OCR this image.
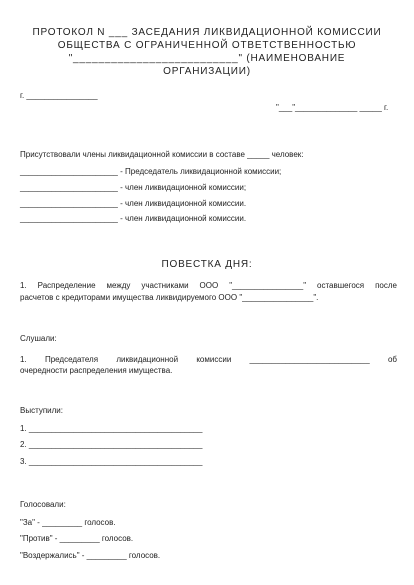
ПРОТОКОЛ N ___ ЗАСЕДАНИЯ ЛИКВИДАЦИОННОЙ КОМИССИИ
ОБЩЕСТВА С ОГРАНИЧЕННОЙ ОТВЕТСТВЕННОСТЬЮ
"__________________________" (НАИМЕНОВАНИЕ
ОРГАНИЗАЦИИ)
г. ________________
"___"______________ _____ г.
Присутствовали члены ликвидационной комиссии в составе _____ человек:
______________________ - Председатель ликвидационной комиссии;
______________________ - член ликвидационной комиссии;
______________________ - член ликвидационной комиссии.
______________________ - член ликвидационной комиссии.
ПОВЕСТКА ДНЯ:
1. Распределение между участниками ООО "________________" оставшегося после
расчетов с кредиторами имущества ликвидируемого ООО "________________".
Слушали:
1. Председателя ликвидационной комиссии ___________________________ об
очередности распределения имущества.
Выступили:
1. _______________________________________
2. _______________________________________
3. _______________________________________
Голосовали:
"За" - _________ голосов.
"Против" - _________ голосов.
"Воздержались" - _________ голосов.
